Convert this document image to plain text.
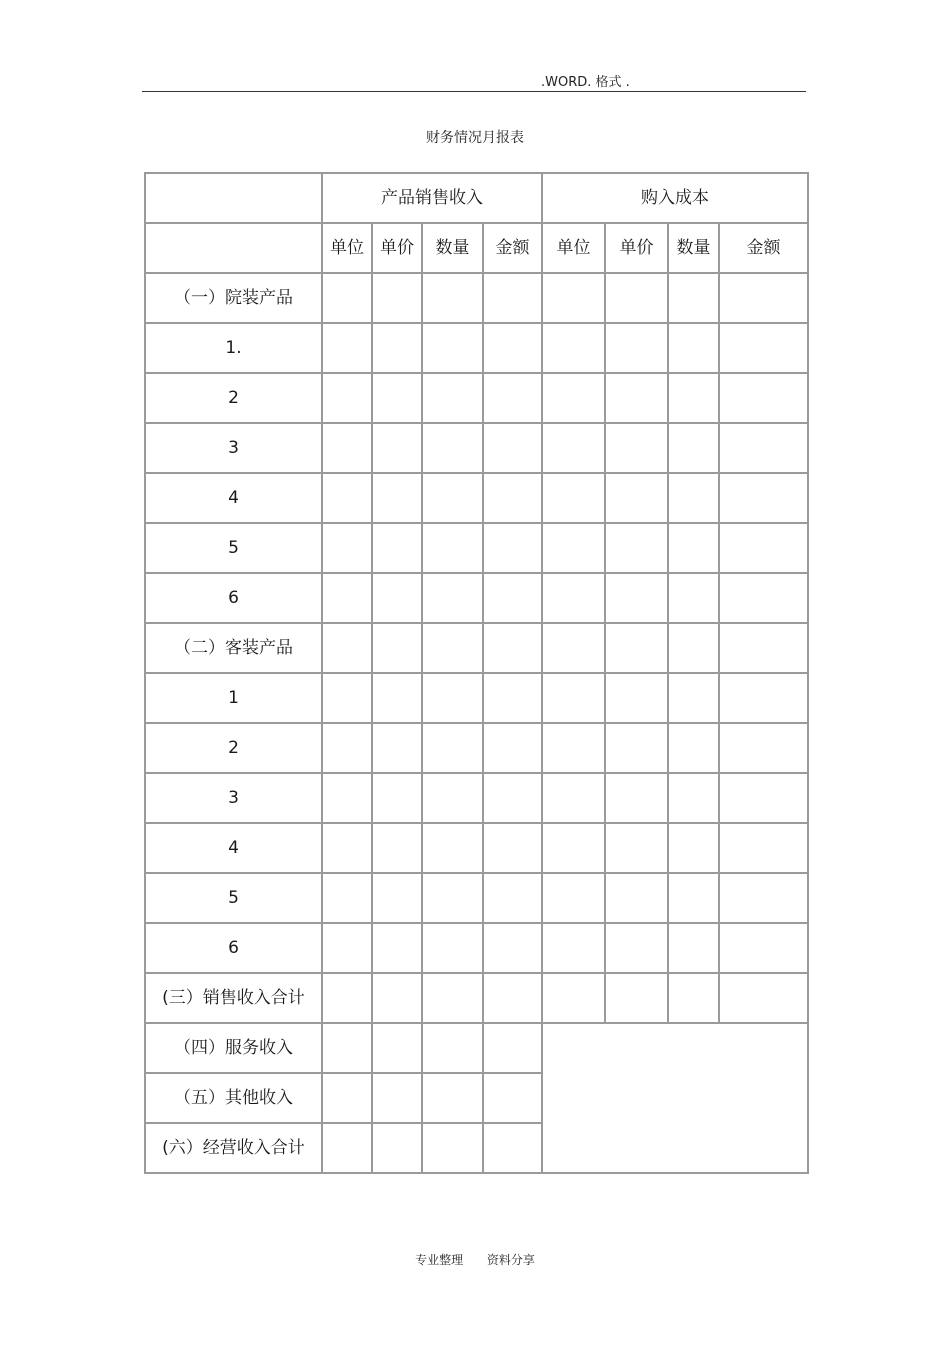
.WORD. 格式 .
财务情况月报表
	产品销售收入				购入成本			
	单位	单价	数量	金额	单位	单价	数量	金额
（一）院装产品								
1.								
2								
3								
4								
5								
6								
（二）客装产品								
1								
2								
3								
4								
5								
6								
(三）销售收入合计								
（四）服务收入								
（五）其他收入								
(六）经营收入合计								
专业整理 资料分享
